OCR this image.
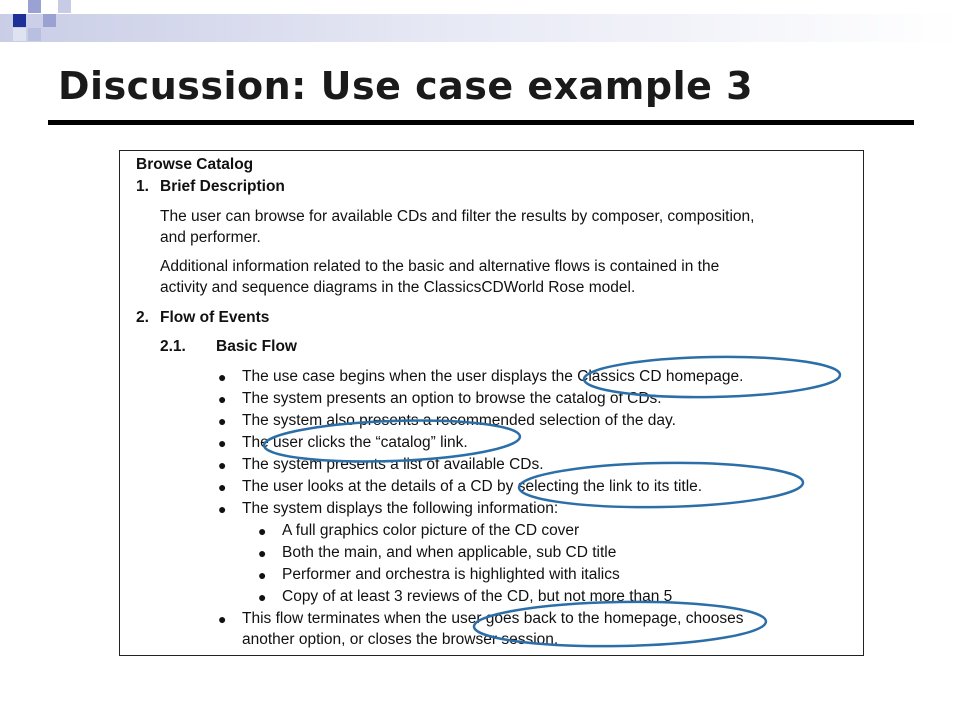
Discussion: Use case example 3
Browse Catalog
1. Brief Description
The user can browse for available CDs and filter the results by composer, composition,
and performer.
Additional information related to the basic and alternative flows is contained in the
activity and sequence diagrams in the ClassicsCDWorld Rose model.
2. Flow of Events
2.1. Basic Flow
● The use case begins when the user displays the Classics CD homepage.
● The system presents an option to browse the catalog of CDs.
● The system also presents a recommended selection of the day.
● The user clicks the “catalog” link.
● The system presents a list of available CDs.
● The user looks at the details of a CD by selecting the link to its title.
● The system displays the following information:
● A full graphics color picture of the CD cover
● Both the main, and when applicable, sub CD title
● Performer and orchestra is highlighted with italics
● Copy of at least 3 reviews of the CD, but not more than 5
● This flow terminates when the user goes back to the homepage, chooses
another option, or closes the browser session.
